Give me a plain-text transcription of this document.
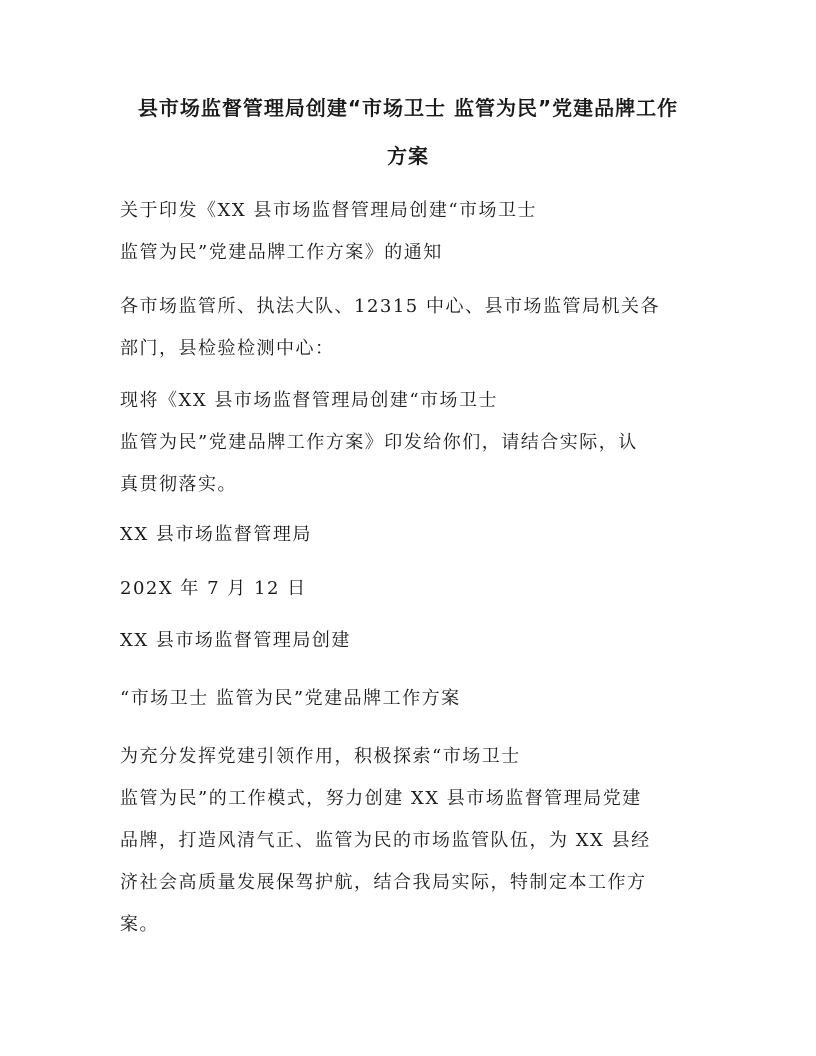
县市场监督管理局创建“市场卫士 监管为民”党建品牌工作
方案
关于印发《XX 县市场监督管理局创建“市场卫士
监管为民”党建品牌工作方案》的通知
各市场监管所、执法大队、12315 中心、县市场监管局机关各
部门，县检验检测中心：
现将《XX 县市场监督管理局创建“市场卫士
监管为民”党建品牌工作方案》印发给你们，请结合实际，认
真贯彻落实。
XX 县市场监督管理局
202X 年 7 月 12 日
XX 县市场监督管理局创建
“市场卫士 监管为民”党建品牌工作方案
为充分发挥党建引领作用，积极探索“市场卫士
监管为民”的工作模式，努力创建 XX 县市场监督管理局党建
品牌，打造风清气正、监管为民的市场监管队伍，为 XX 县经
济社会高质量发展保驾护航，结合我局实际，特制定本工作方
案。
